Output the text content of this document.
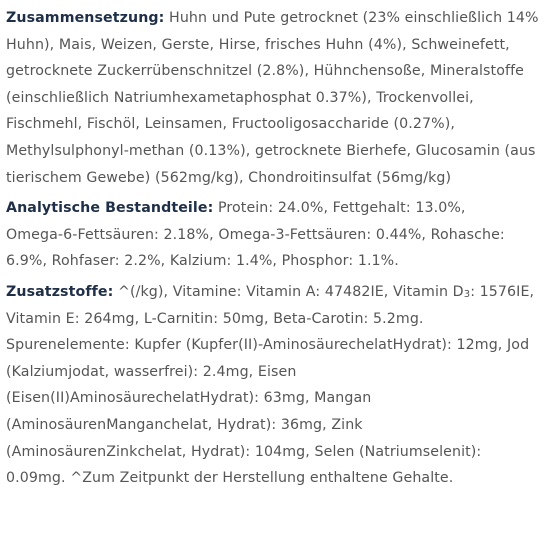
Zusammensetzung: Huhn und Pute getrocknet (23% einschließlich 14%
Huhn), Mais, Weizen, Gerste, Hirse, frisches Huhn (4%), Schweinefett,
getrocknete Zuckerrübenschnitzel (2.8%), Hühnchensoße, Mineralstoffe
(einschließlich Natriumhexametaphosphat 0.37%), Trockenvollei,
Fischmehl, Fischöl, Leinsamen, Fructooligosaccharide (0.27%),
Methylsulphonyl-methan (0.13%), getrocknete Bierhefe, Glucosamin (aus
tierischem Gewebe) (562mg/kg), Chondroitinsulfat (56mg/kg)
Analytische Bestandteile: Protein: 24.0%, Fettgehalt: 13.0%,
Omega-6-Fettsäuren: 2.18%, Omega-3-Fettsäuren: 0.44%, Rohasche:
6.9%, Rohfaser: 2.2%, Kalzium: 1.4%, Phosphor: 1.1%.
Zusatzstoffe: ^(/kg), Vitamine: Vitamin A: 47482IE, Vitamin $D_3$: 1576IE,
Vitamin E: 264mg, L-Carnitin: 50mg, Beta-Carotin: 5.2mg.
Spurenelemente: Kupfer (Kupfer(II)-AminosäurechelatHydrat): 12mg, Jod
(Kalziumjodat, wasserfrei): 2.4mg, Eisen
(Eisen(II)AminosäurechelatHydrat): 63mg, Mangan
(AminosäurenManganchelat, Hydrat): 36mg, Zink
(AminosäurenZinkchelat, Hydrat): 104mg, Selen (Natriumselenit):
0.09mg. ^Zum Zeitpunkt der Herstellung enthaltene Gehalte.
